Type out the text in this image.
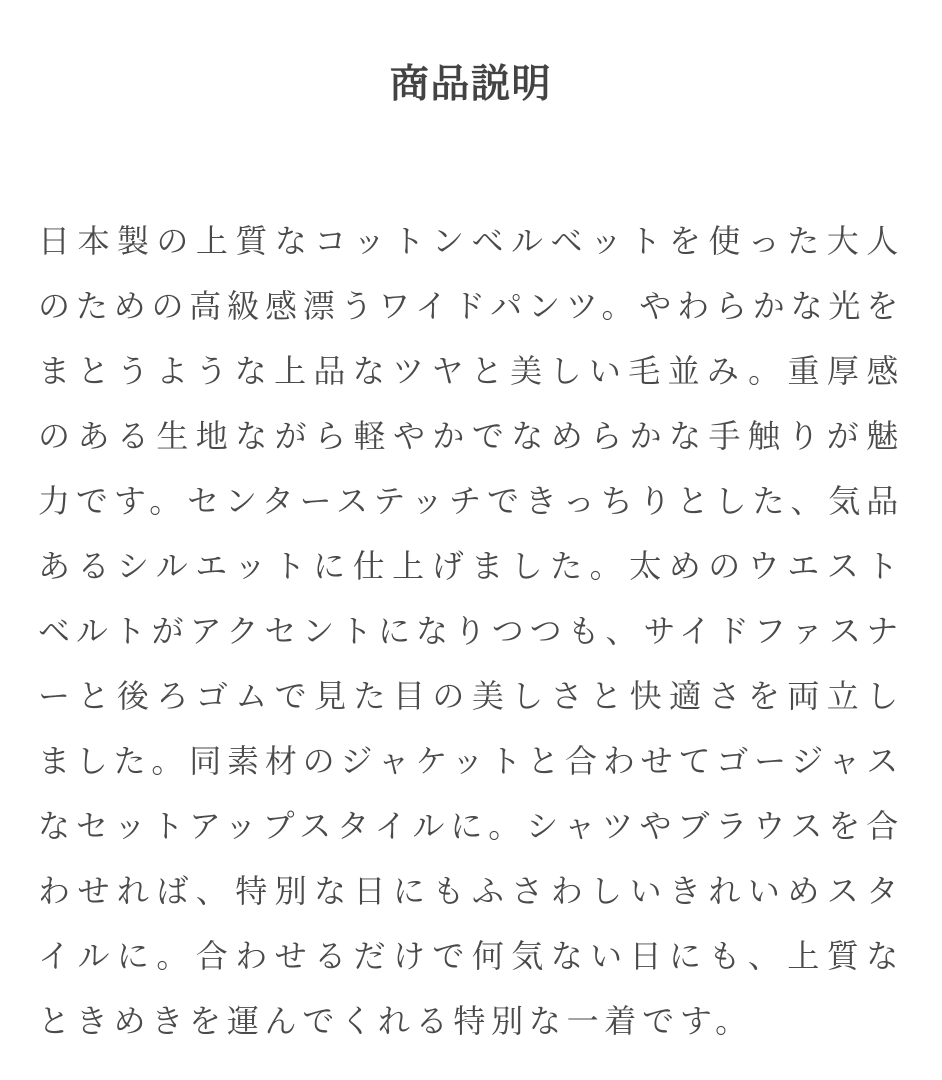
商品説明

日本製の上質なコットンベルベットを使った大人のための高級感漂うワイドパンツ。やわらかな光をまとうような上品なツヤと美しい毛並み。重厚感のある生地ながら軽やかでなめらかな手触りが魅力です。センターステッチできっちりとした、気品あるシルエットに仕上げました。太めのウエストベルトがアクセントになりつつも、サイドファスナーと後ろゴムで見た目の美しさと快適さを両立しました。同素材のジャケットと合わせてゴージャスなセットアップスタイルに。シャツやブラウスを合わせれば、特別な日にもふさわしいきれいめスタイルに。合わせるだけで何気ない日にも、上質なときめきを運んでくれる特別な一着です。
